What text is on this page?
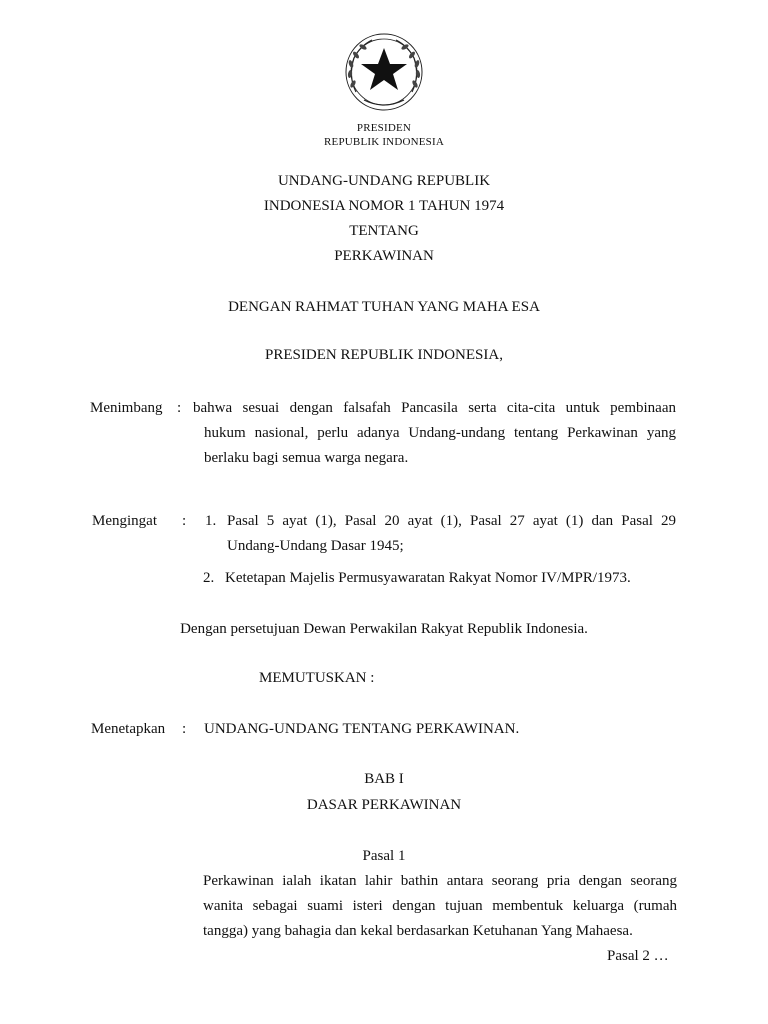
PRESIDEN
REPUBLIK INDONESIA
UNDANG-UNDANG REPUBLIK
INDONESIA NOMOR 1 TAHUN 1974
TENTANG
PERKAWINAN
DENGAN RAHMAT TUHAN YANG MAHA ESA
PRESIDEN REPUBLIK INDONESIA,
Menimbang : bahwa sesuai dengan falsafah Pancasila serta cita-cita untuk pembinaan
hukum nasional, perlu adanya Undang-undang tentang Perkawinan yang
berlaku bagi semua warga negara.
Mengingat : 1. Pasal 5 ayat (1), Pasal 20 ayat (1), Pasal 27 ayat (1) dan Pasal 29
Undang-Undang Dasar 1945;
2. Ketetapan Majelis Permusyawaratan Rakyat Nomor IV/MPR/1973.
Dengan persetujuan Dewan Perwakilan Rakyat Republik Indonesia.
MEMUTUSKAN :
Menetapkan : UNDANG-UNDANG TENTANG PERKAWINAN.
BAB I
DASAR PERKAWINAN
Pasal 1
Perkawinan ialah ikatan lahir bathin antara seorang pria dengan seorang
wanita sebagai suami isteri dengan tujuan membentuk keluarga (rumah
tangga) yang bahagia dan kekal berdasarkan Ketuhanan Yang Mahaesa.
Pasal 2 …
